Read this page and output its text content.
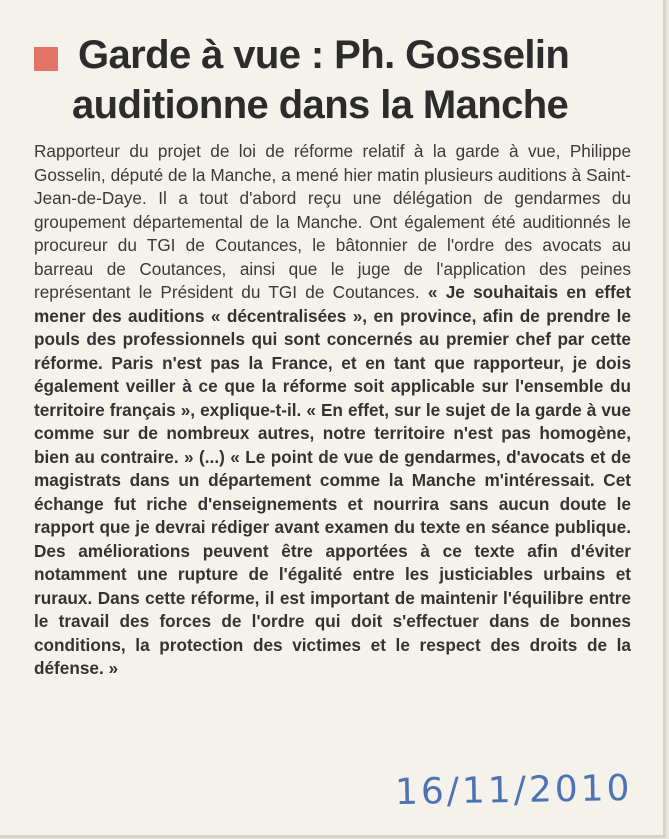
Garde à vue : Ph. Gosselin
auditionne dans la Manche

Rapporteur du projet de loi de réforme relatif à la garde à vue, Philippe Gosselin, député de la Manche, a mené hier matin plusieurs auditions à Saint-Jean-de-Daye. Il a tout d'abord reçu une délégation de gendarmes du groupement départemental de la Manche. Ont également été auditionnés le procureur du TGI de Coutances, le bâtonnier de l'ordre des avocats au barreau de Coutances, ainsi que le juge de l'application des peines représentant le Président du TGI de Coutances. « Je souhaitais en effet mener des auditions « décentralisées », en province, afin de prendre le pouls des professionnels qui sont concernés au premier chef par cette réforme. Paris n'est pas la France, et en tant que rapporteur, je dois également veiller à ce que la réforme soit applicable sur l'ensemble du territoire français », explique-t-il. « En effet, sur le sujet de la garde à vue comme sur de nombreux autres, notre territoire n'est pas homogène, bien au contraire. » (...) « Le point de vue de gendarmes, d'avocats et de magistrats dans un département comme la Manche m'intéressait. Cet échange fut riche d'enseignements et nourrira sans aucun doute le rapport que je devrai rédiger avant examen du texte en séance publique. Des améliorations peuvent être apportées à ce texte afin d'éviter notamment une rupture de l'égalité entre les justiciables urbains et ruraux. Dans cette réforme, il est important de maintenir l'équilibre entre le travail des forces de l'ordre qui doit s'effectuer dans de bonnes conditions, la protection des victimes et le respect des droits de la défense. »

16/11/2010
